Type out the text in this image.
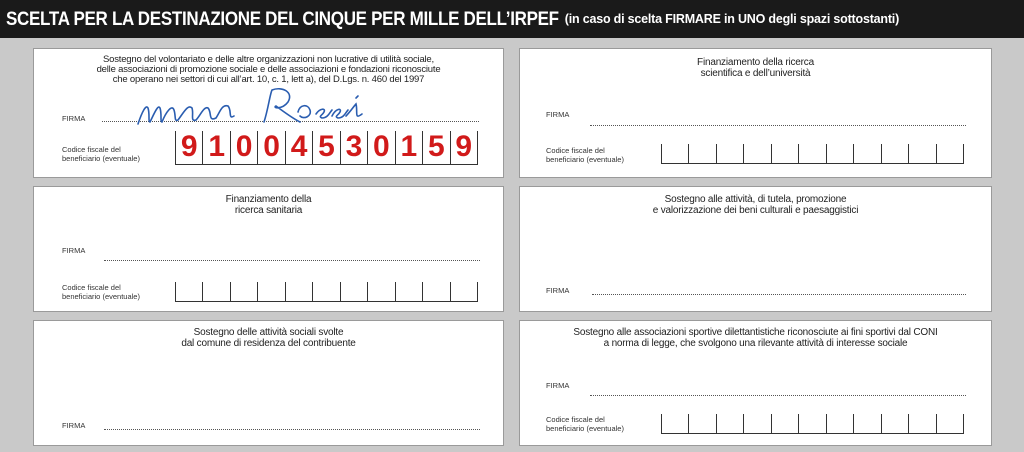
SCELTA PER LA DESTINAZIONE DEL CINQUE PER MILLE DELL’IRPEF (in caso di scelta FIRMARE in UNO degli spazi sottostanti)
Sostegno del volontariato e delle altre organizzazioni non lucrative di utilità sociale,
delle associazioni di promozione sociale e delle associazioni e fondazioni riconosciute
che operano nei settori di cui all’art. 10, c. 1, lett a), del D.Lgs. n. 460 del 1997
FIRMA
Codice fiscale del
beneficiario (eventuale) 9 1 0 0 4 5 3 0 1 5 9
Finanziamento della ricerca
scientifica e dell’università
FIRMA
Codice fiscale del
beneficiario (eventuale)
Finanziamento della
ricerca sanitaria
FIRMA
Codice fiscale del
beneficiario (eventuale)
Sostegno alle attività, di tutela, promozione
e valorizzazione dei beni culturali e paesaggistici
FIRMA
Sostegno delle attività sociali svolte
dal comune di residenza del contribuente
FIRMA
Sostegno alle associazioni sportive dilettantistiche riconosciute ai fini sportivi dal CONI
a norma di legge, che svolgono una rilevante attività di interesse sociale
FIRMA
Codice fiscale del
beneficiario (eventuale)
